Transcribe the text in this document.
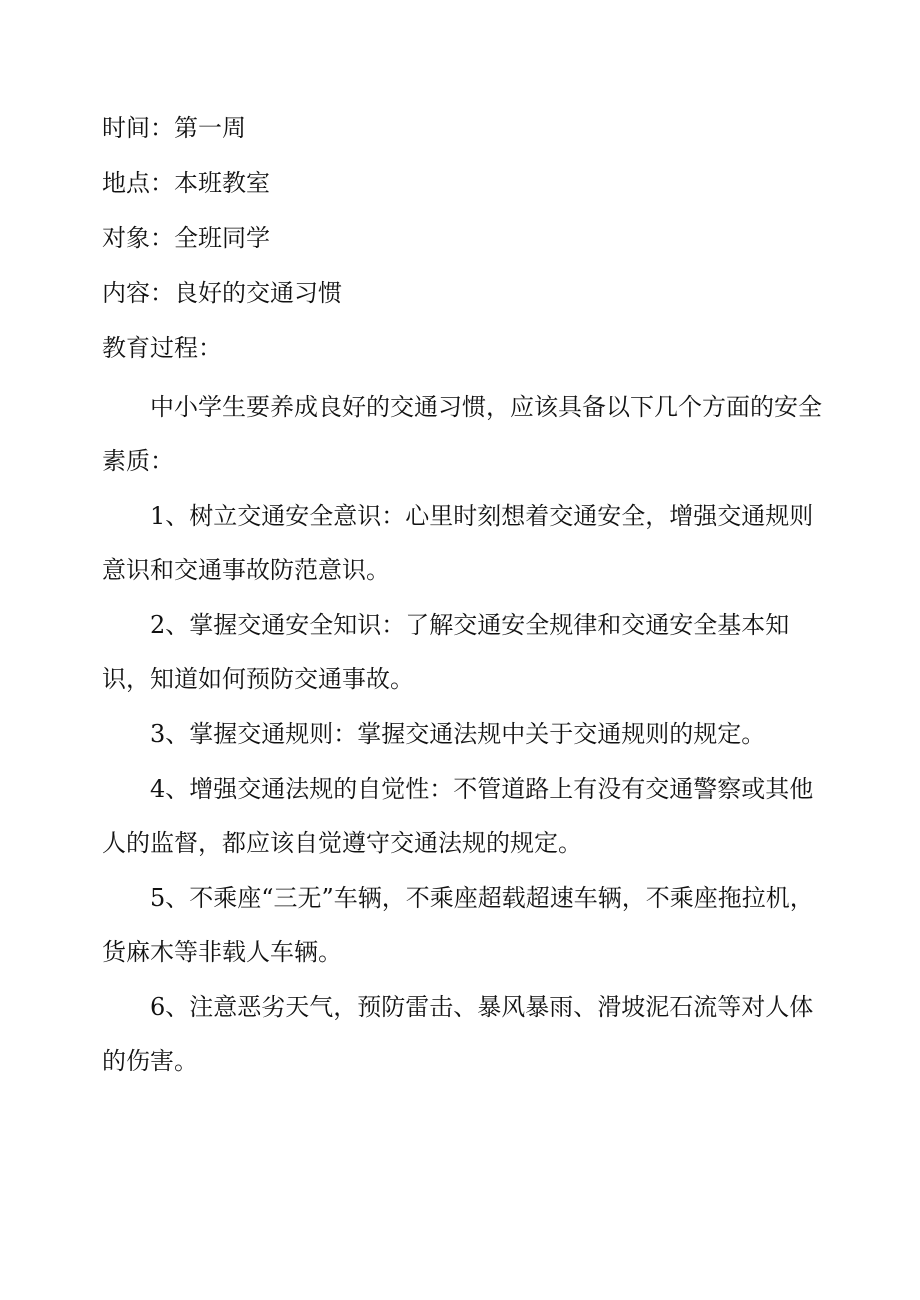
时间：第一周
地点：本班教室
对象：全班同学
内容：良好的交通习惯
教育过程：

中小学生要养成良好的交通习惯，应该具备以下几个方面的安全素质：

1、树立交通安全意识：心里时刻想着交通安全，增强交通规则意识和交通事故防范意识。

2、掌握交通安全知识：了解交通安全规律和交通安全基本知识，知道如何预防交通事故。

3、掌握交通规则：掌握交通法规中关于交通规则的规定。

4、增强交通法规的自觉性：不管道路上有没有交通警察或其他人的监督，都应该自觉遵守交通法规的规定。

5、不乘座“三无”车辆，不乘座超载超速车辆，不乘座拖拉机，货麻木等非载人车辆。

6、注意恶劣天气，预防雷击、暴风暴雨、滑坡泥石流等对人体的伤害。
